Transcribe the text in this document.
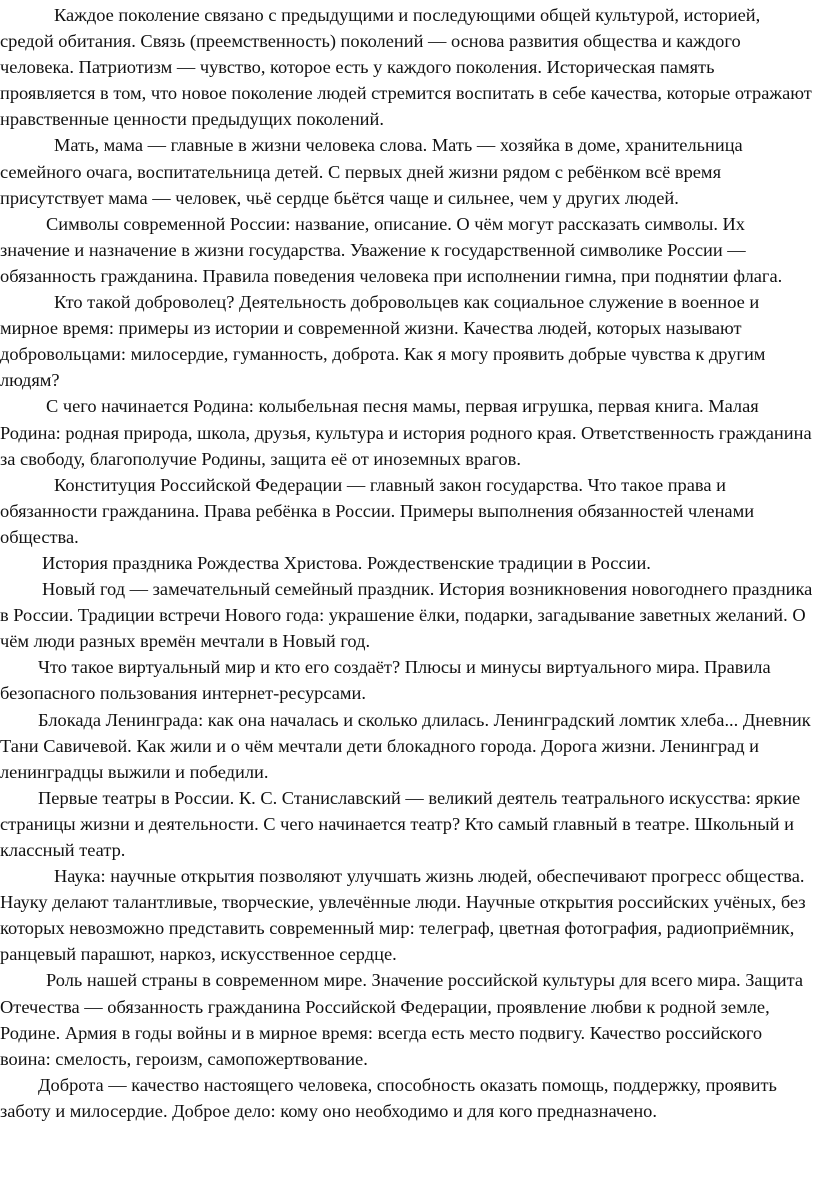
Каждое поколение связано с предыдущими и последующими общей культурой, историей, средой обитания. Связь (преемственность) поколений — основа развития общества и каждого человека. Патриотизм — чувство, которое есть у каждого поколения. Историческая память проявляется в том, что новое поколение людей стремится воспитать в себе качества, которые отражают нравственные ценности предыдущих поколений.

Мать, мама — главные в жизни человека слова. Мать — хозяйка в доме, хранительница семейного очага, воспитательница детей. С первых дней жизни рядом с ребёнком всё время присутствует мама — человек, чьё сердце бьётся чаще и сильнее, чем у других людей.

Символы современной России: название, описание. О чём могут рассказать символы. Их значение и назначение в жизни государства. Уважение к государственной символике России — обязанность гражданина. Правила поведения человека при исполнении гимна, при поднятии флага.

Кто такой доброволец? Деятельность добровольцев как социальное служение в военное и мирное время: примеры из истории и современной жизни. Качества людей, которых называют добровольцами: милосердие, гуманность, доброта. Как я могу проявить добрые чувства к другим людям?

С чего начинается Родина: колыбельная песня мамы, первая игрушка, первая книга. Малая Родина: родная природа, школа, друзья, культура и история родного края. Ответственность гражданина за свободу, благополучие Родины, защита её от иноземных врагов.

Конституция Российской Федерации — главный закон государства. Что такое права и обязанности гражданина. Права ребёнка в России. Примеры выполнения обязанностей членами общества.

История праздника Рождества Христова. Рождественские традиции в России.

Новый год — замечательный семейный праздник. История возникновения новогоднего праздника в России. Традиции встречи Нового года: украшение ёлки, подарки, загадывание заветных желаний. О чём люди разных времён мечтали в Новый год.

Что такое виртуальный мир и кто его создаёт? Плюсы и минусы виртуального мира. Правила безопасного пользования интернет-ресурсами.

Блокада Ленинграда: как она началась и сколько длилась. Ленинградский ломтик хлеба... Дневник Тани Савичевой. Как жили и о чём мечтали дети блокадного города. Дорога жизни. Ленинград и ленинградцы выжили и победили.

Первые театры в России. К. С. Станиславский — великий деятель театрального искусства: яркие страницы жизни и деятельности. С чего начинается театр? Кто самый главный в театре. Школьный и классный театр.

Наука: научные открытия позволяют улучшать жизнь людей, обеспечивают прогресс общества. Науку делают талантливые, творческие, увлечённые люди. Научные открытия российских учёных, без которых невозможно представить современный мир: телеграф, цветная фотография, радиоприёмник, ранцевый парашют, наркоз, искусственное сердце.

Роль нашей страны в современном мире. Значение российской культуры для всего мира. Защита Отечества — обязанность гражданина Российской Федерации, проявление любви к родной земле, Родине. Армия в годы войны и в мирное время: всегда есть место подвигу. Качество российского воина: смелость, героизм, самопожертвование.

Доброта — качество настоящего человека, способность оказать помощь, поддержку, проявить заботу и милосердие. Доброе дело: кому оно необходимо и для кого предназначено.
